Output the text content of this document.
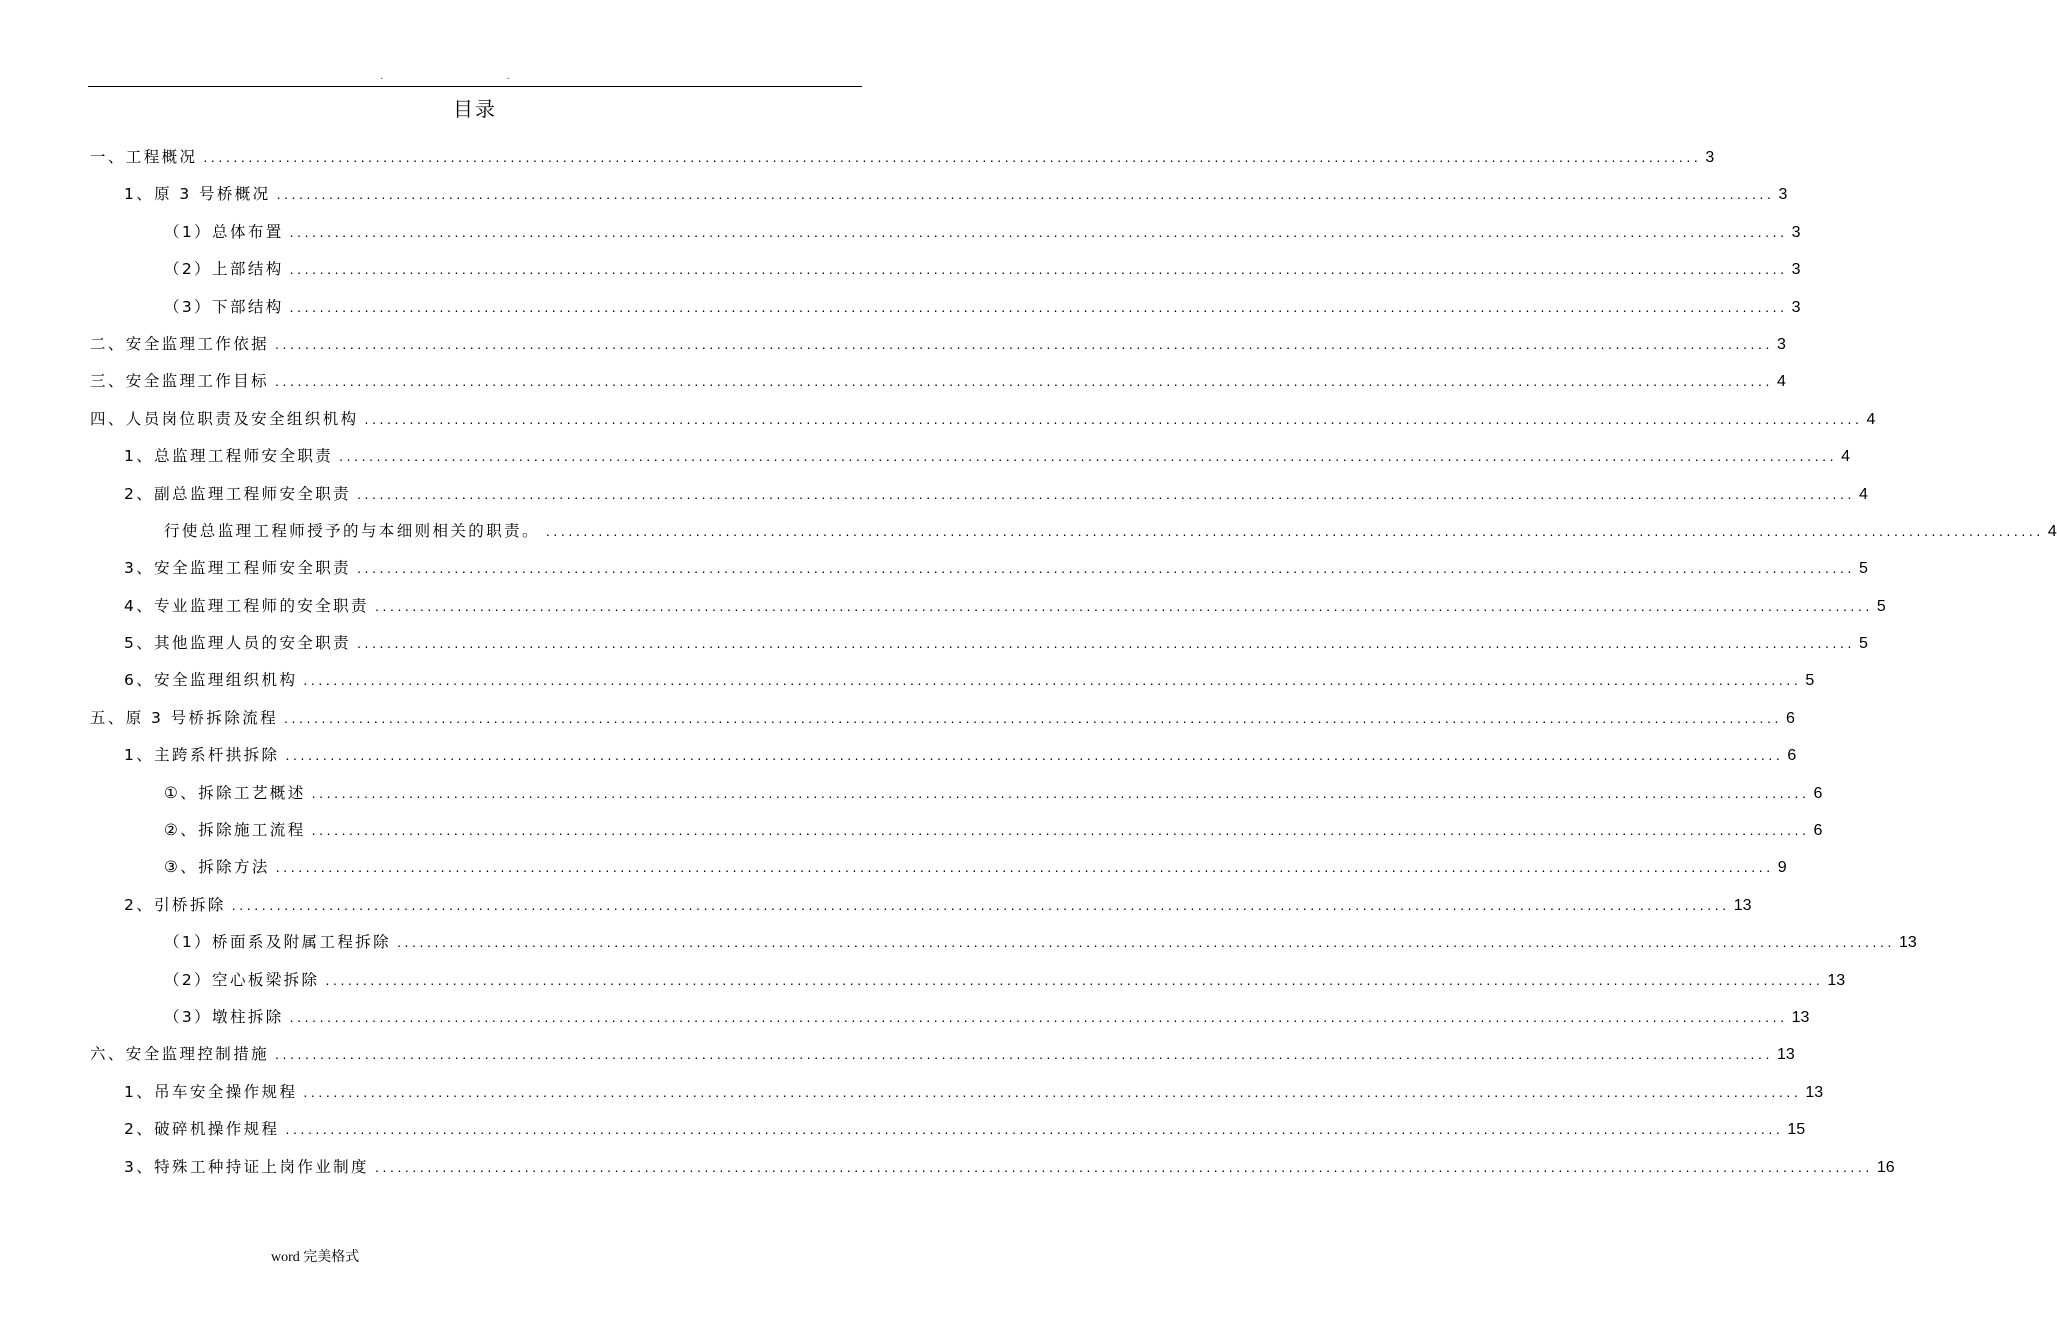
. .
目录
一、工程概况 ........................................................................................................................................................................................................ 3
1、原 3 号桥概况 ........................................................................................................................................................................................................ 3
（1）总体布置 ........................................................................................................................................................................................................ 3
（2）上部结构 ........................................................................................................................................................................................................ 3
（3）下部结构 ........................................................................................................................................................................................................ 3
二、安全监理工作依据 ........................................................................................................................................................................................................ 3
三、安全监理工作目标 ........................................................................................................................................................................................................ 4
四、人员岗位职责及安全组织机构 ........................................................................................................................................................................................................ 4
1、总监理工程师安全职责 ........................................................................................................................................................................................................ 4
2、副总监理工程师安全职责 ........................................................................................................................................................................................................ 4
行使总监理工程师授予的与本细则相关的职责。 ........................................................................................................................................................................................................ 4
3、安全监理工程师安全职责 ........................................................................................................................................................................................................ 5
4、专业监理工程师的安全职责 ........................................................................................................................................................................................................ 5
5、其他监理人员的安全职责 ........................................................................................................................................................................................................ 5
6、安全监理组织机构 ........................................................................................................................................................................................................ 5
五、原 3 号桥拆除流程 ........................................................................................................................................................................................................ 6
1、主跨系杆拱拆除 ........................................................................................................................................................................................................ 6
①、拆除工艺概述 ........................................................................................................................................................................................................ 6
②、拆除施工流程 ........................................................................................................................................................................................................ 6
③、拆除方法 ........................................................................................................................................................................................................ 9
2、引桥拆除 ........................................................................................................................................................................................................ 13
（1）桥面系及附属工程拆除 ........................................................................................................................................................................................................ 13
（2）空心板梁拆除 ........................................................................................................................................................................................................ 13
（3）墩柱拆除 ........................................................................................................................................................................................................ 13
六、安全监理控制措施 ........................................................................................................................................................................................................ 13
1、吊车安全操作规程 ........................................................................................................................................................................................................ 13
2、破碎机操作规程 ........................................................................................................................................................................................................ 15
3、特殊工种持证上岗作业制度 ........................................................................................................................................................................................................ 16
word 完美格式
